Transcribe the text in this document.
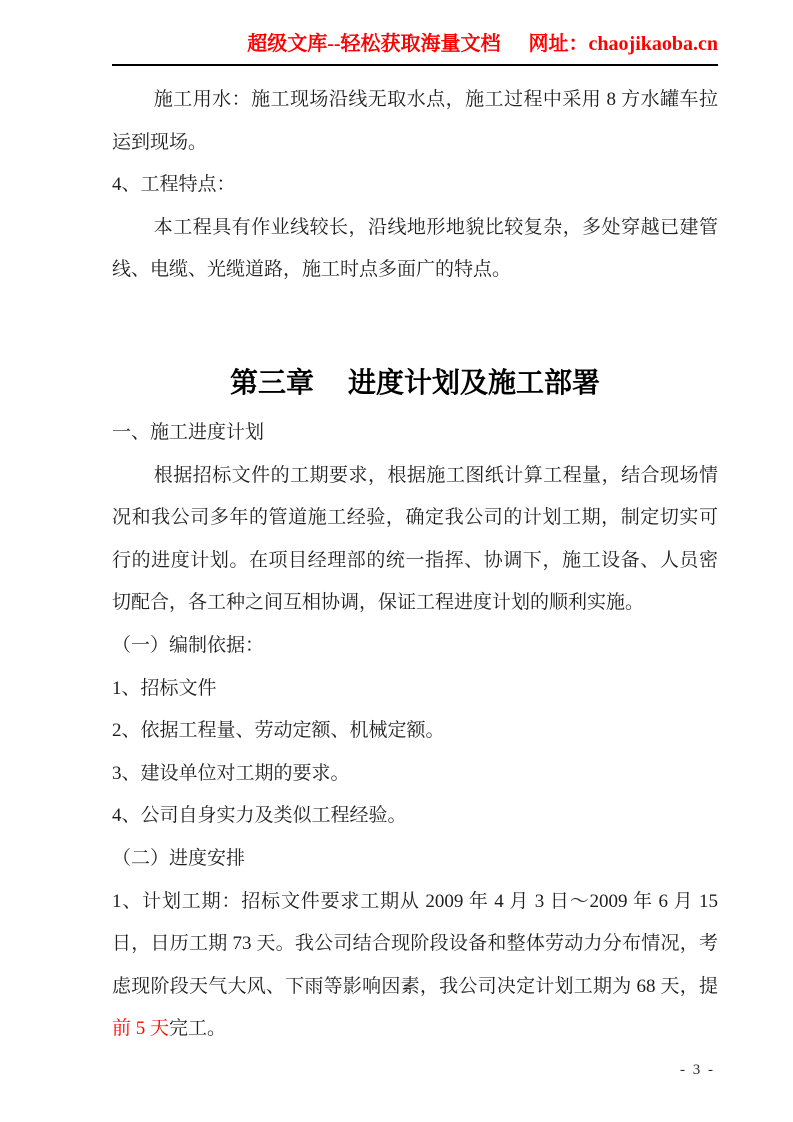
超级文库--轻松获取海量文档 网址：chaojikaoba.cn

施工用水：施工现场沿线无取水点，施工过程中采用 8 方水罐车拉运到现场。

4、工程特点：

本工程具有作业线较长，沿线地形地貌比较复杂，多处穿越已建管线、电缆、光缆道路，施工时点多面广的特点。

第三章 进度计划及施工部署

一、施工进度计划

根据招标文件的工期要求，根据施工图纸计算工程量，结合现场情况和我公司多年的管道施工经验，确定我公司的计划工期，制定切实可行的进度计划。在项目经理部的统一指挥、协调下，施工设备、人员密切配合，各工种之间互相协调，保证工程进度计划的顺利实施。

（一）编制依据：

1、招标文件

2、依据工程量、劳动定额、机械定额。

3、建设单位对工期的要求。

4、公司自身实力及类似工程经验。

（二）进度安排

1、计划工期：招标文件要求工期从 2009 年 4 月 3 日～2009 年 6 月 15 日，日历工期 73 天。我公司结合现阶段设备和整体劳动力分布情况，考虑现阶段天气大风、下雨等影响因素，我公司决定计划工期为 68 天，提前 5 天完工。

- 3 -
